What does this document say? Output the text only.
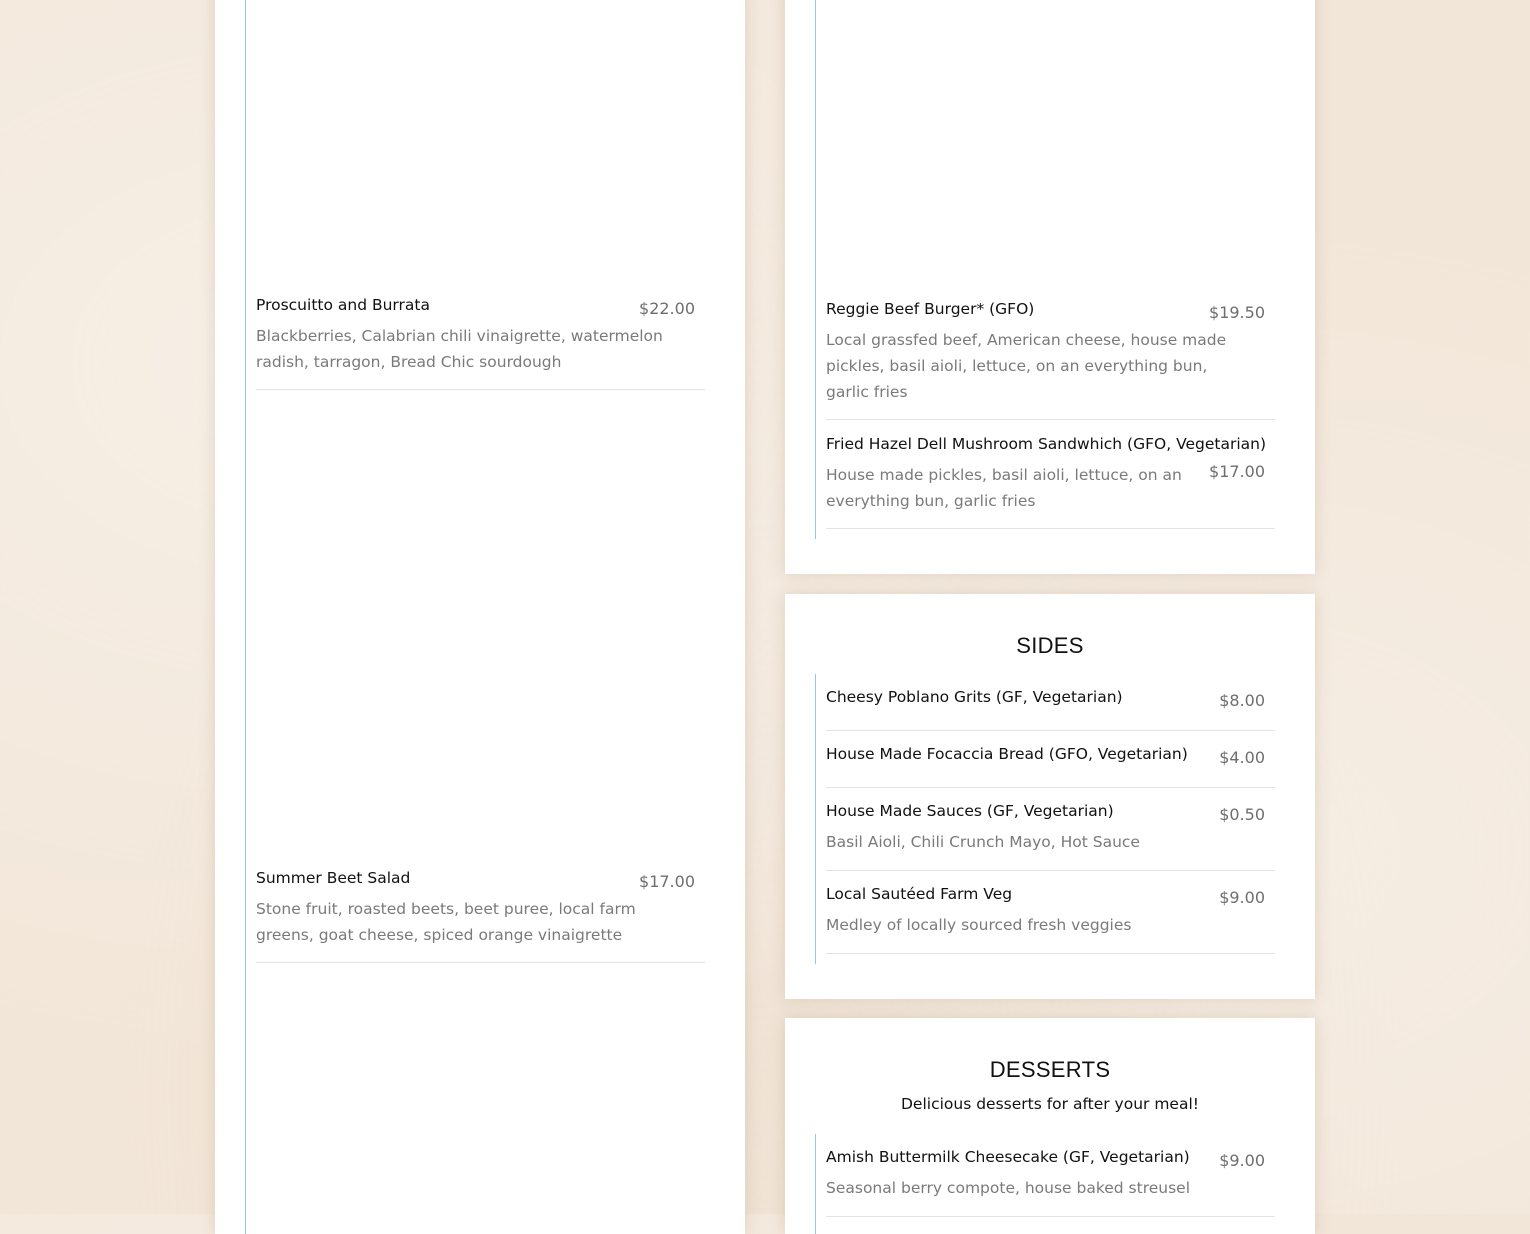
Proscuitto and Burrata	$22.00
Blackberries, Calabrian chili vinaigrette, watermelon radish, tarragon, Bread Chic sourdough
Summer Beet Salad	$17.00
Stone fruit, roasted beets, beet puree, local farm greens, goat cheese, spiced orange vinaigrette
Reggie Beef Burger* (GFO)	$19.50
Local grassfed beef, American cheese, house made pickles, basil aioli, lettuce, on an everything bun, garlic fries
Fried Hazel Dell Mushroom Sandwhich (GFO, Vegetarian)
$17.00
House made pickles, basil aioli, lettuce, on an everything bun, garlic fries
SIDES
Cheesy Poblano Grits (GF, Vegetarian)	$8.00
House Made Focaccia Bread (GFO, Vegetarian) $4.00
House Made Sauces (GF, Vegetarian)	$0.50
Basil Aioli, Chili Crunch Mayo, Hot Sauce
Local Sautéed Farm Veg	$9.00
Medley of locally sourced fresh veggies
DESSERTS
Delicious desserts for after your meal!
Amish Buttermilk Cheesecake (GF, Vegetarian) $9.00
Seasonal berry compote, house baked streusel
